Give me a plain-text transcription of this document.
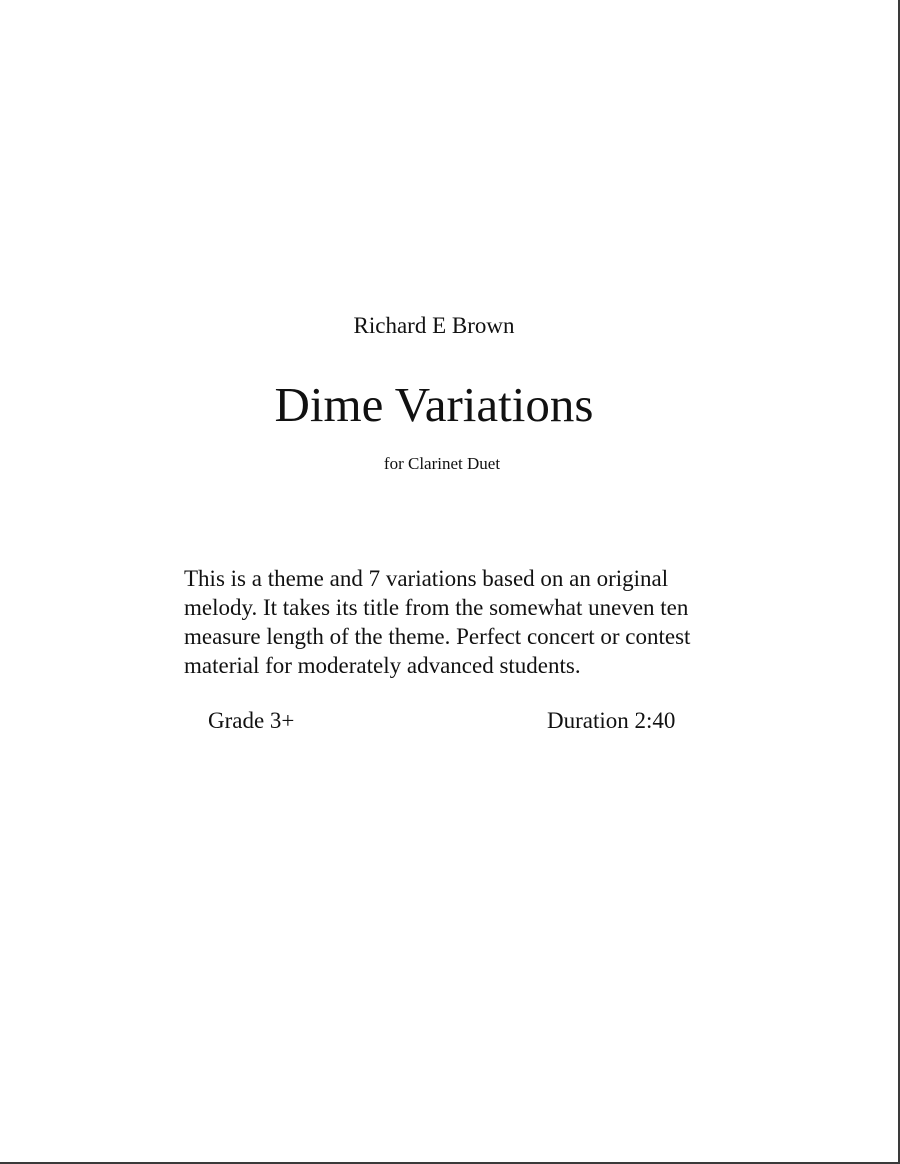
Richard E Brown
Dime Variations
for Clarinet Duet
This is a theme and 7 variations based on an original
melody. It takes its title from the somewhat uneven ten
measure length of the theme. Perfect concert or contest
material for moderately advanced students.
Grade 3+	Duration 2:40
